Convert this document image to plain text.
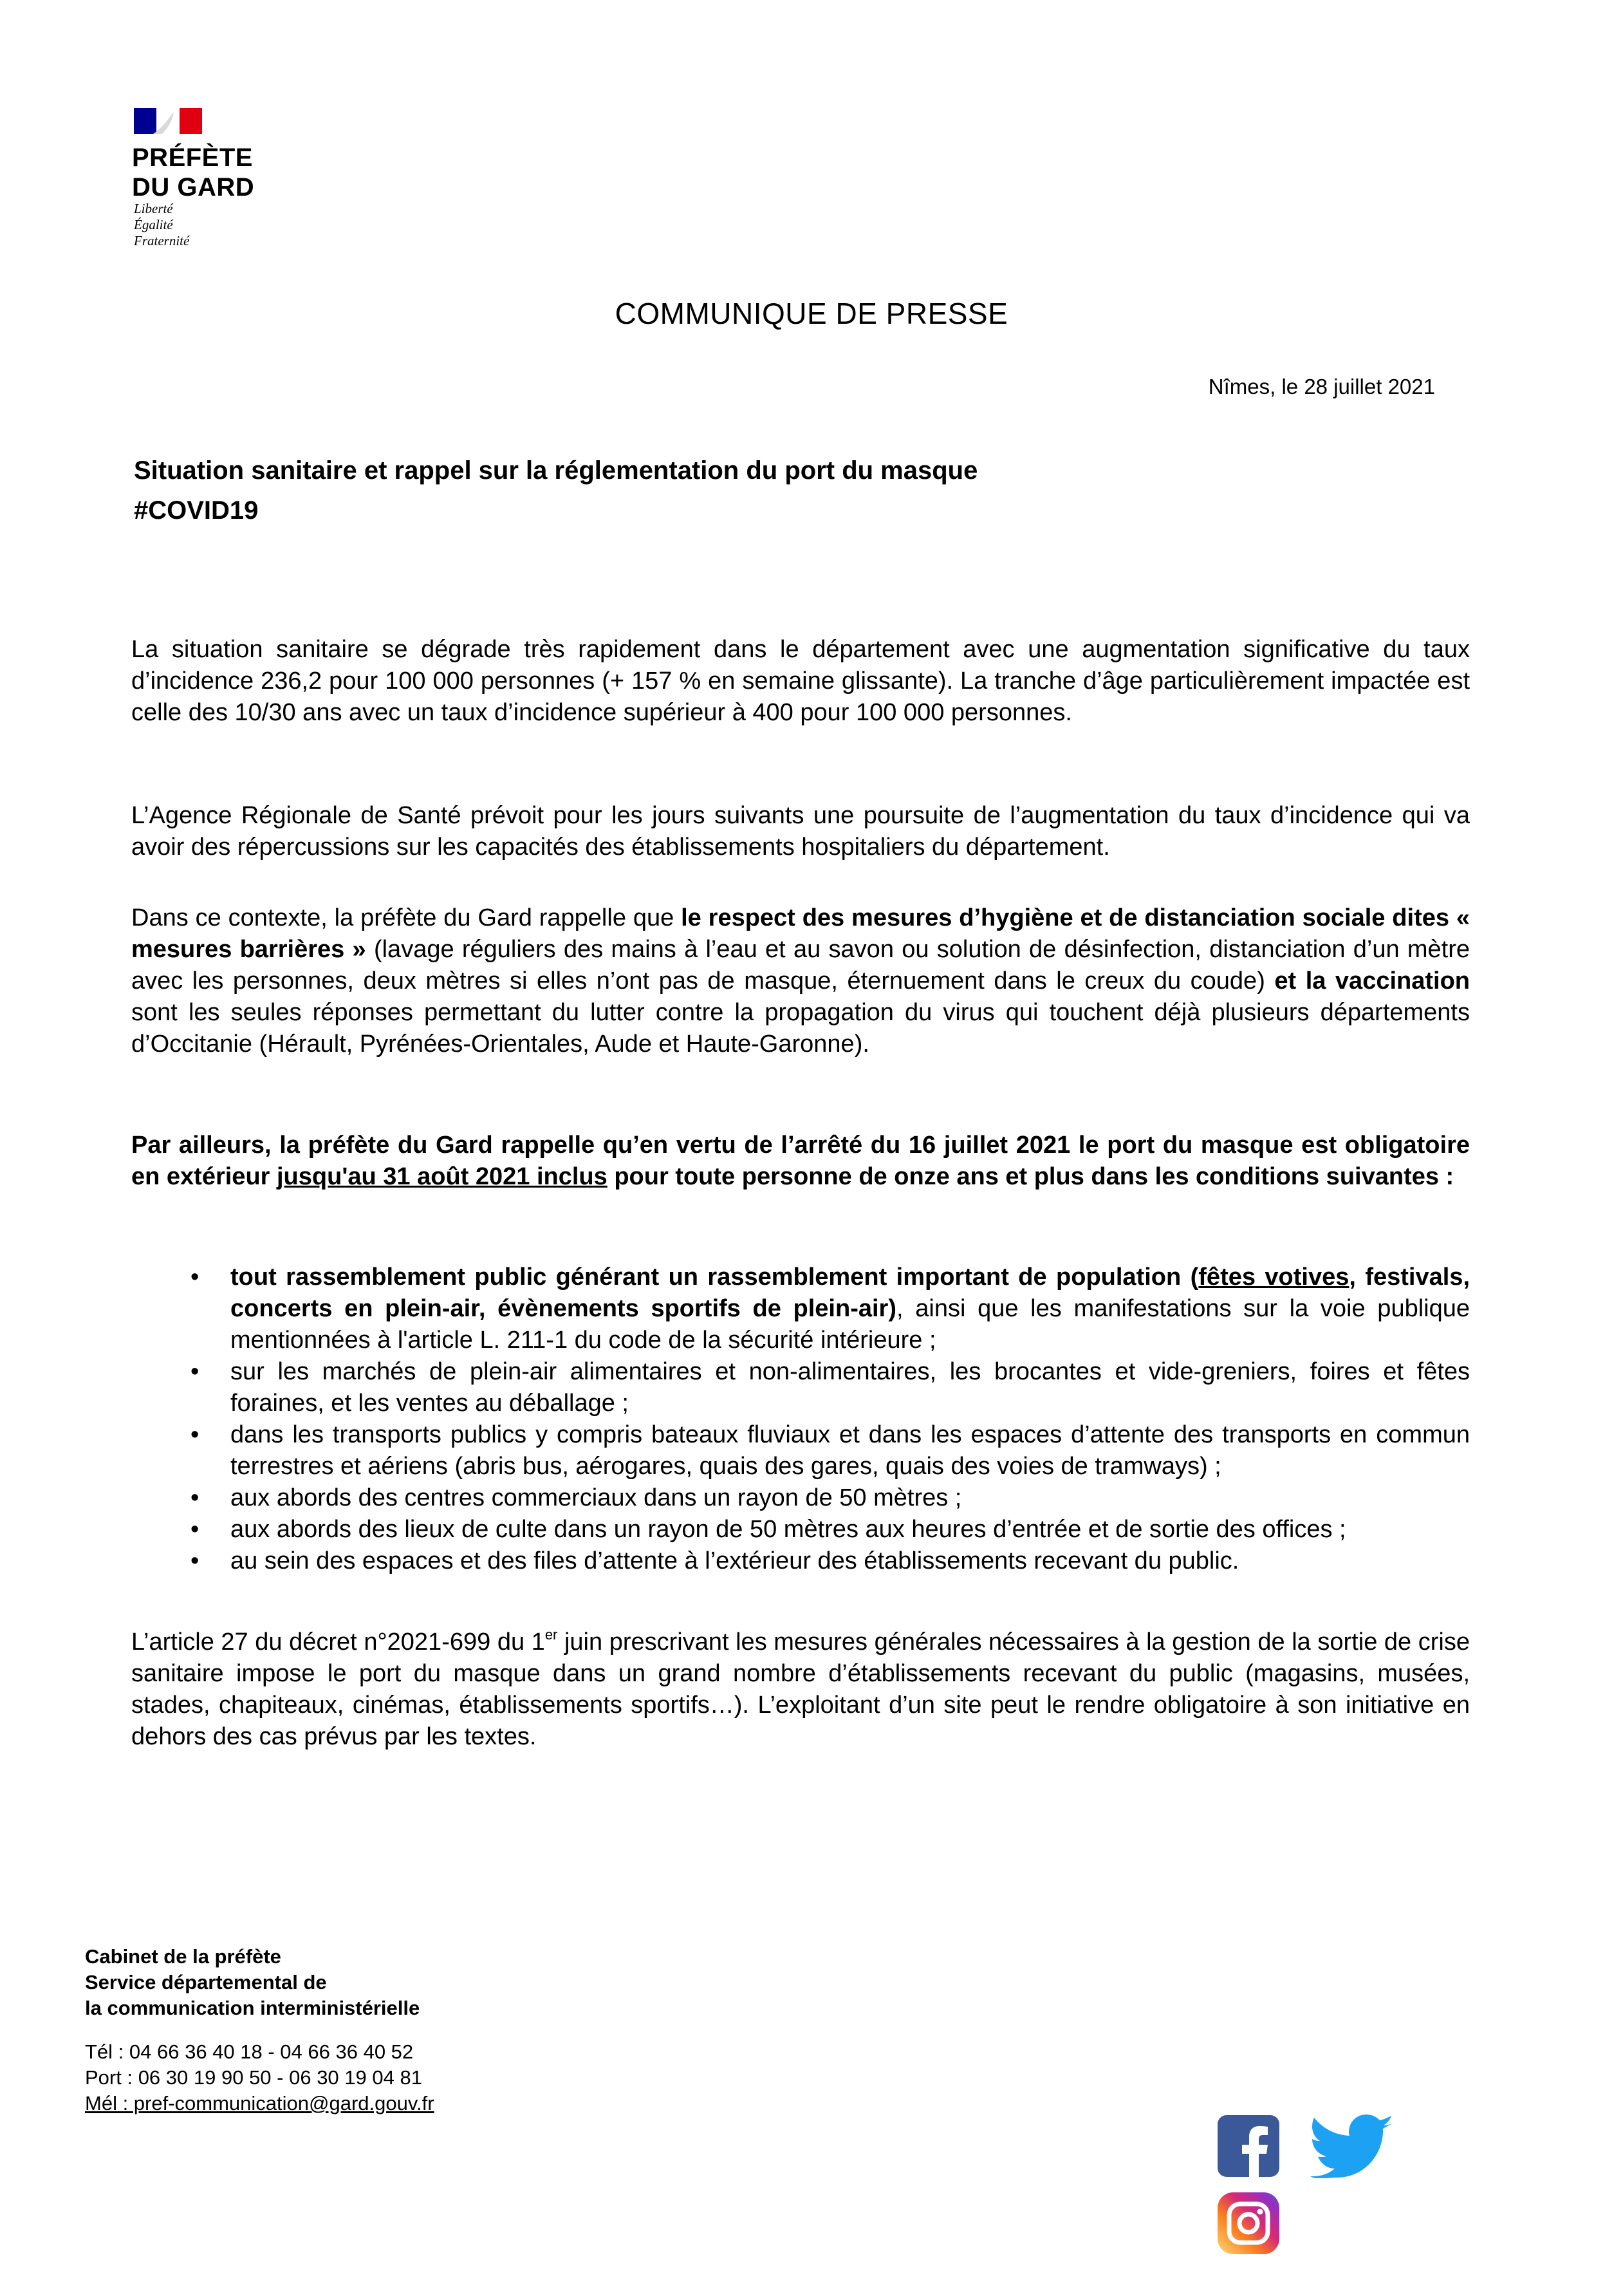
PRÉFÈTE
DU GARD
Liberté
Égalité
Fraternité
COMMUNIQUE DE PRESSE
Nîmes, le 28 juillet 2021
Situation sanitaire et rappel sur la réglementation du port du masque
#COVID19
La situation sanitaire se dégrade très rapidement dans le département avec une augmentation significative du taux d’incidence 236,2 pour 100 000 personnes (+ 157 % en semaine glissante). La tranche d’âge particulièrement impactée est celle des 10/30 ans avec un taux d’incidence supérieur à 400 pour 100 000 personnes.
L’Agence Régionale de Santé prévoit pour les jours suivants une poursuite de l’augmentation du taux d’incidence qui va avoir des répercussions sur les capacités des établissements hospitaliers du département.
Dans ce contexte, la préfète du Gard rappelle que le respect des mesures d’hygiène et de distanciation sociale dites « mesures barrières » (lavage réguliers des mains à l’eau et au savon ou solution de désinfection, distanciation d’un mètre avec les personnes, deux mètres si elles n’ont pas de masque, éternuement dans le creux du coude) et la vaccination sont les seules réponses permettant du lutter contre la propagation du virus qui touchent déjà plusieurs départements d’Occitanie (Hérault, Pyrénées-Orientales, Aude et Haute-Garonne).
Par ailleurs, la préfète du Gard rappelle qu’en vertu de l’arrêté du 16 juillet 2021 le port du masque est obligatoire en extérieur jusqu'au 31 août 2021 inclus pour toute personne de onze ans et plus dans les conditions suivantes :
• tout rassemblement public générant un rassemblement important de population (fêtes votives, festivals, concerts en plein-air, évènements sportifs de plein-air), ainsi que les manifestations sur la voie publique mentionnées à l'article L. 211-1 du code de la sécurité intérieure ;
• sur les marchés de plein-air alimentaires et non-alimentaires, les brocantes et vide-greniers, foires et fêtes foraines, et les ventes au déballage ;
• dans les transports publics y compris bateaux fluviaux et dans les espaces d’attente des transports en commun terrestres et aériens (abris bus, aérogares, quais des gares, quais des voies de tramways) ;
• aux abords des centres commerciaux dans un rayon de 50 mètres ;
• aux abords des lieux de culte dans un rayon de 50 mètres aux heures d’entrée et de sortie des offices ;
• au sein des espaces et des files d’attente à l’extérieur des établissements recevant du public.
L’article 27 du décret n°2021-699 du 1er juin prescrivant les mesures générales nécessaires à la gestion de la sortie de crise sanitaire impose le port du masque dans un grand nombre d’établissements recevant du public (magasins, musées, stades, chapiteaux, cinémas, établissements sportifs…). L’exploitant d’un site peut le rendre obligatoire à son initiative en dehors des cas prévus par les textes.
Cabinet de la préfète
Service départemental de
la communication interministérielle
Tél : 04 66 36 40 18 - 04 66 36 40 52
Port : 06 30 19 90 50 - 06 30 19 04 81
Mél : pref-communication@gard.gouv.fr
